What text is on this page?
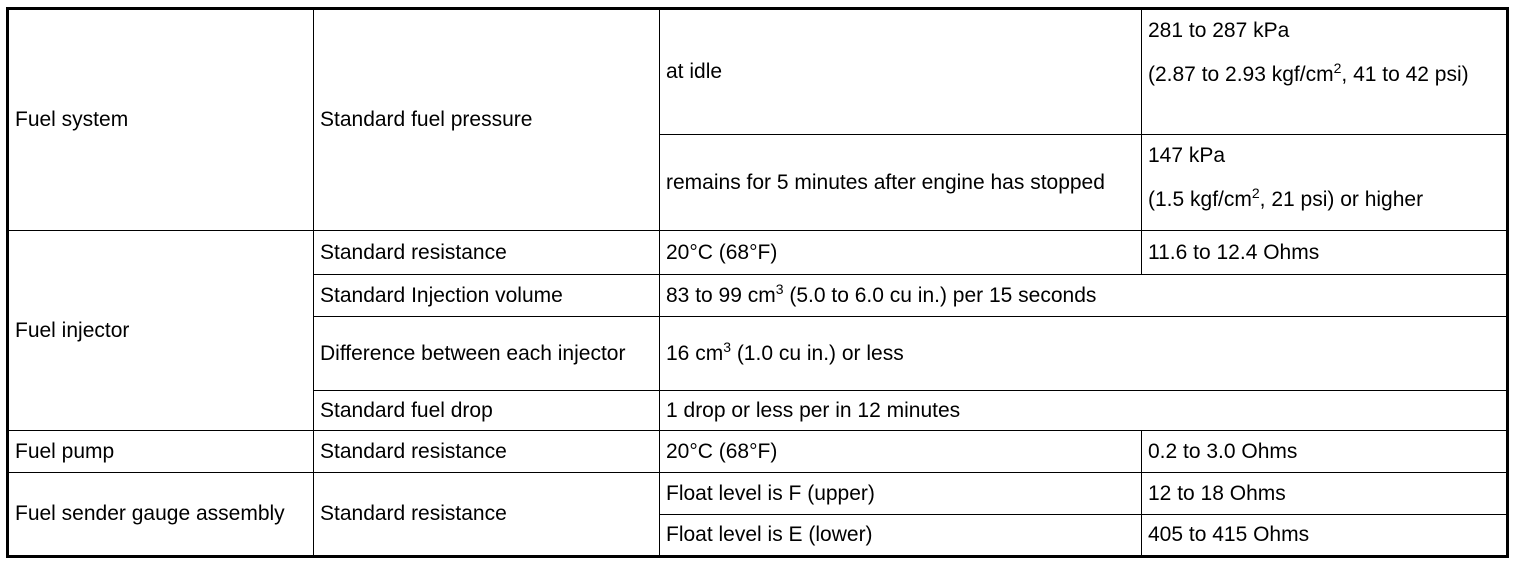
Fuel system	Standard fuel pressure	at idle	281 to 287 kPa
(2.87 to 2.93 kgf/$cm^2$, 41 to 42 psi)

		remains for 5 minutes after engine has stopped	147 kPa
(1.5 kgf/$cm^2$, 21 psi) or higher

Fuel injector	Standard resistance	20°C (68°F)	11.6 to 12.4 Ohms
	Standard Injection volume	83 to 99 $cm^3$ (5.0 to 6.0 cu in.) per 15 seconds	
	Difference between each injector	16 $cm^3$ (1.0 cu in.) or less	
	Standard fuel drop	1 drop or less per in 12 minutes	
Fuel pump	Standard resistance	20°C (68°F)	0.2 to 3.0 Ohms
Fuel sender gauge assembly	Standard resistance	Float level is F (upper)	12 to 18 Ohms
		Float level is E (lower)	405 to 415 Ohms
